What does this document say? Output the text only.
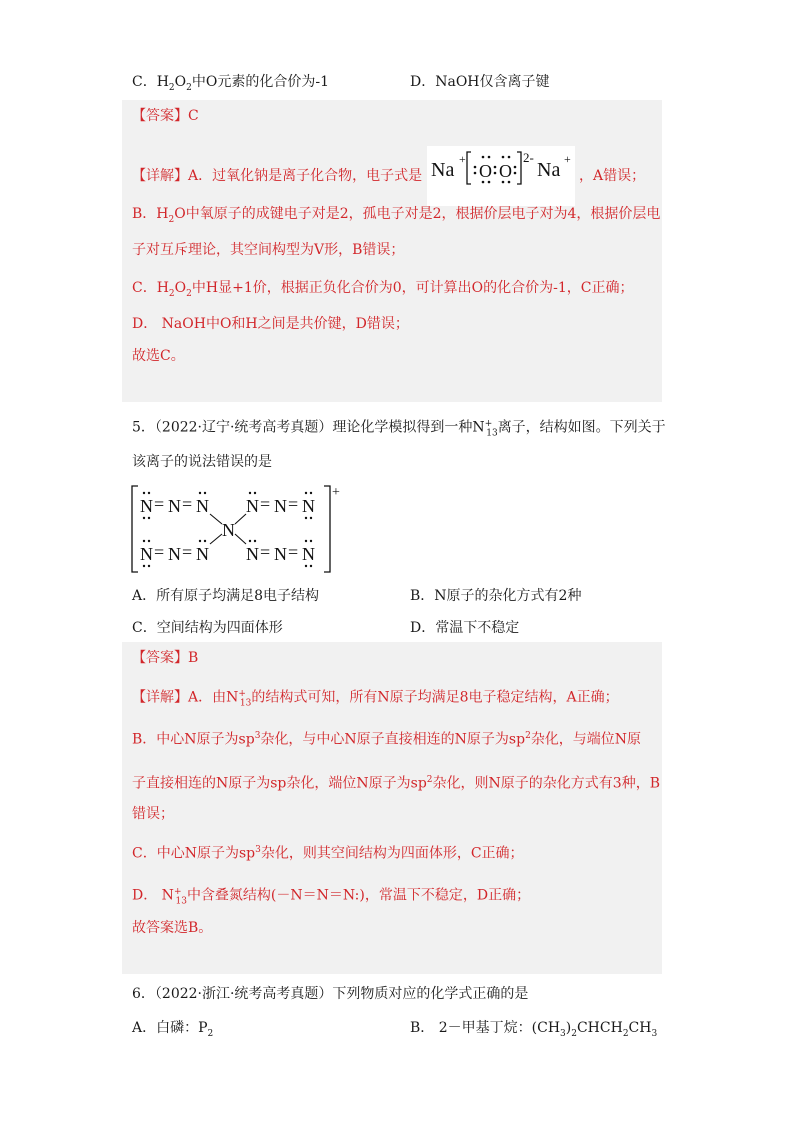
C．$H_2O_2$中O元素的化合价为-1	D．NaOH仅含离子键
【答案】C
【详解】A．过氧化钠是离子化合物，电子式是 Na +
O O
2-
Na +
，A错误；
B．$H_2O$中氧原子的成键电子对是2，孤电子对是2，根据价层电子对为4，根据价层电
子对互斥理论，其空间构型为V形，B错误；
C．$H_2O_2$中H显+1价，根据正负化合价为0，可计算出O的化合价为-1，C正确；
D． NaOH中O和H之间是共价键，D错误；
故选C。
5．（2022·辽宁·统考高考真题）理论化学模拟得到一种$N^+_{13}$离子，结构如图。下列关于
该离子的说法错误的是
+
N = N = N N = N = N
N = N = N N = N = N
N
A．所有原子均满足8电子结构	B．N原子的杂化方式有2种
C．空间结构为四面体形	D．常温下不稳定
【答案】B
【详解】A．由$N^+_{13}$的结构式可知，所有N原子均满足8电子稳定结构，A正确；
B．中心N原子为$sp^3$杂化，与中心N原子直接相连的N原子为$sp^2$杂化，与端位N原
子直接相连的N原子为sp杂化，端位N原子为$sp^2$杂化，则N原子的杂化方式有3种，B
错误；
C．中心N原子为$sp^3$杂化，则其空间结构为四面体形，C正确；
D． $N^+_{13}$中含叠氮结构(－N＝N＝N:)，常温下不稳定，D正确；
故答案选B。
6．（2022·浙江·统考高考真题）下列物质对应的化学式正确的是
A．白磷：$P_2$	B． 2－甲基丁烷：$(CH_3)_2CHCH_2CH_3$
